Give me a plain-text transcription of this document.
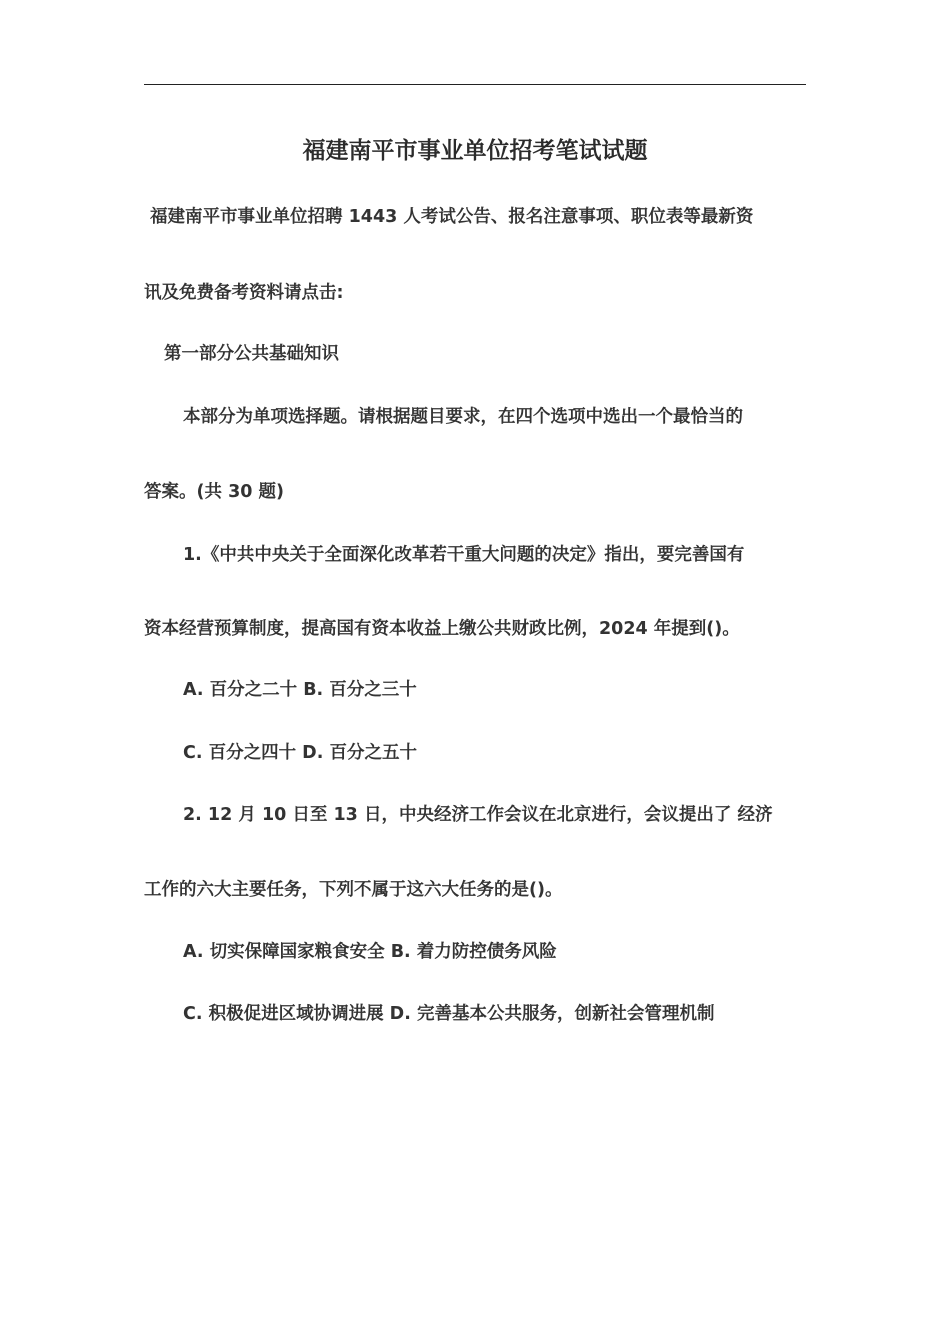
福建南平市事业单位招考笔试试题
福建南平市事业单位招聘 1443 人考试公告、报名注意事项、职位表等最新资
讯及免费备考资料请点击:
第一部分公共基础知识
本部分为单项选择题。请根据题目要求，在四个选项中选出一个最恰当的
答案。(共 30 题)
1.《中共中央关于全面深化改革若干重大问题的决定》指出，要完善国有
资本经营预算制度，提高国有资本收益上缴公共财政比例，2024 年提到()。
A. 百分之二十 B. 百分之三十
C. 百分之四十 D. 百分之五十
2. 12 月 10 日至 13 日，中央经济工作会议在北京进行，会议提出了 经济
工作的六大主要任务，下列不属于这六大任务的是()。
A. 切实保障国家粮食安全 B. 着力防控债务风险
C. 积极促进区域协调进展 D. 完善基本公共服务，创新社会管理机制
